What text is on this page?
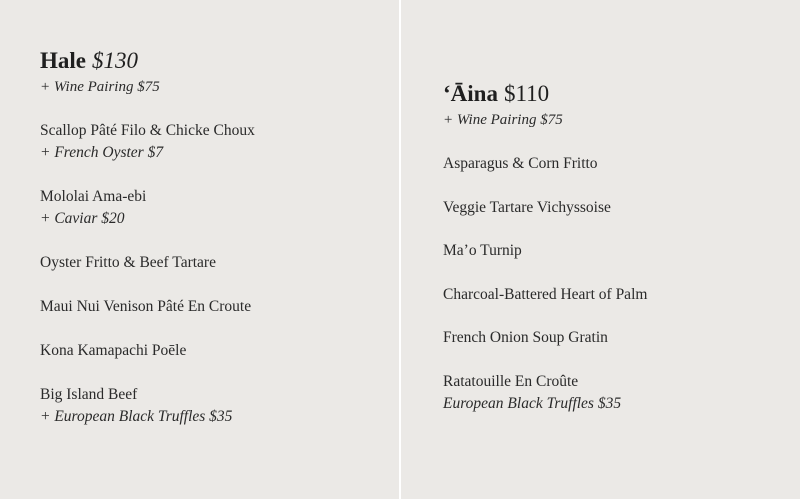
Hale $130
+ Wine Pairing $75
Scallop Pâté Filo & Chicke Choux
+ French Oyster $7
Mololai Ama-ebi
+ Caviar $20
Oyster Fritto & Beef Tartare
Maui Nui Venison Pâté En Croute
Kona Kamapachi Poēle
Big Island Beef
+ European Black Truffles $35
ʻĀina $110
+ Wine Pairing $75
Asparagus & Corn Fritto
Veggie Tartare Vichyssoise
Ma’o Turnip
Charcoal-Battered Heart of Palm
French Onion Soup Gratin
Ratatouille En Croûte
European Black Truffles $35
